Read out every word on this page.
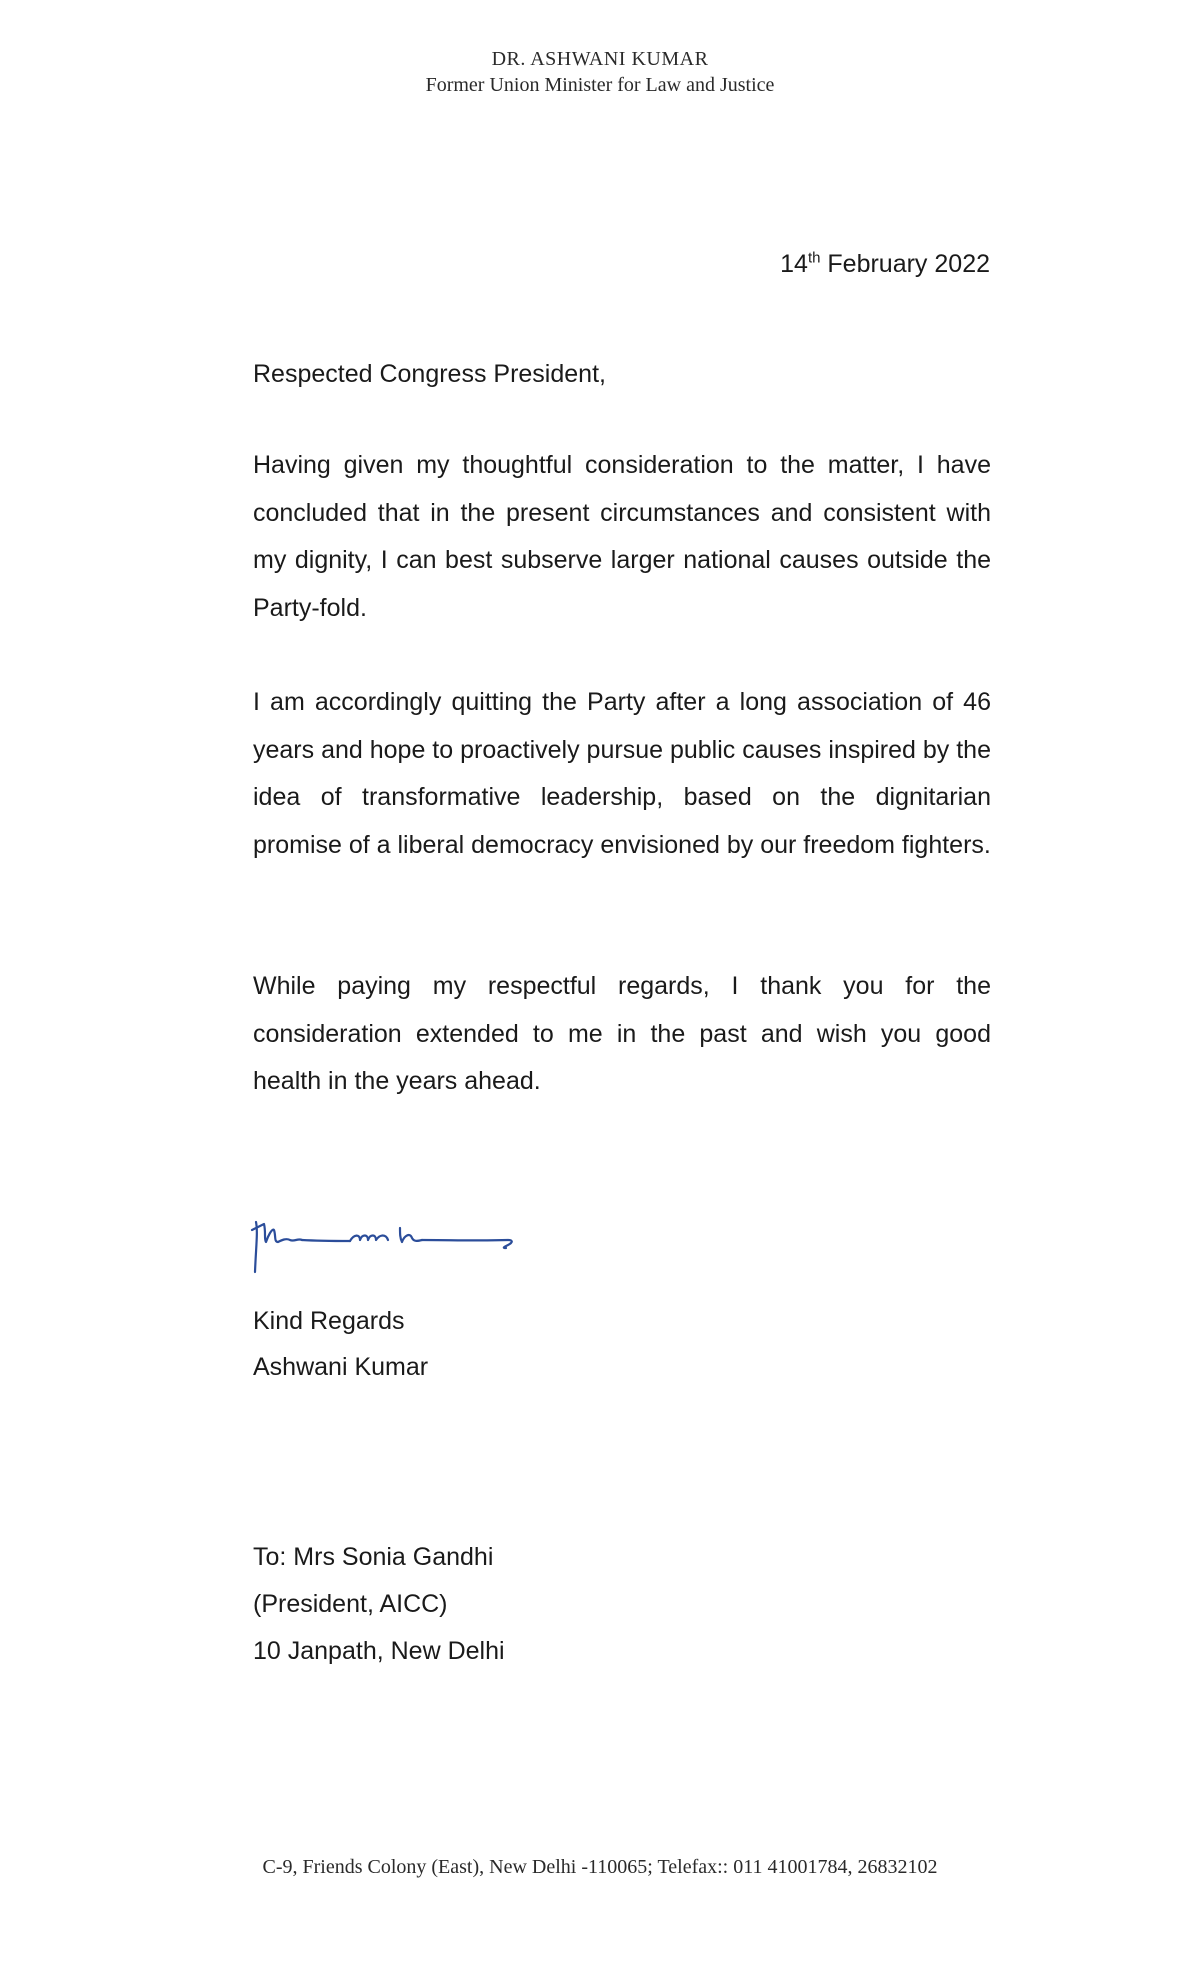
DR. ASHWANI KUMAR
Former Union Minister for Law and Justice
14th February 2022
Respected Congress President,
Having given my thoughtful consideration to the matter, I have concluded that in the present circumstances and consistent with my dignity, I can best subserve larger national causes outside the Party-fold.
I am accordingly quitting the Party after a long association of 46 years and hope to proactively pursue public causes inspired by the idea of transformative leadership, based on the dignitarian promise of a liberal democracy envisioned by our freedom fighters.
While paying my respectful regards, I thank you for the consideration extended to me in the past and wish you good health in the years ahead.
Kind Regards
Ashwani Kumar
To: Mrs Sonia Gandhi
(President, AICC)
10 Janpath, New Delhi
C-9, Friends Colony (East), New Delhi -110065; Telefax:: 011 41001784, 26832102
